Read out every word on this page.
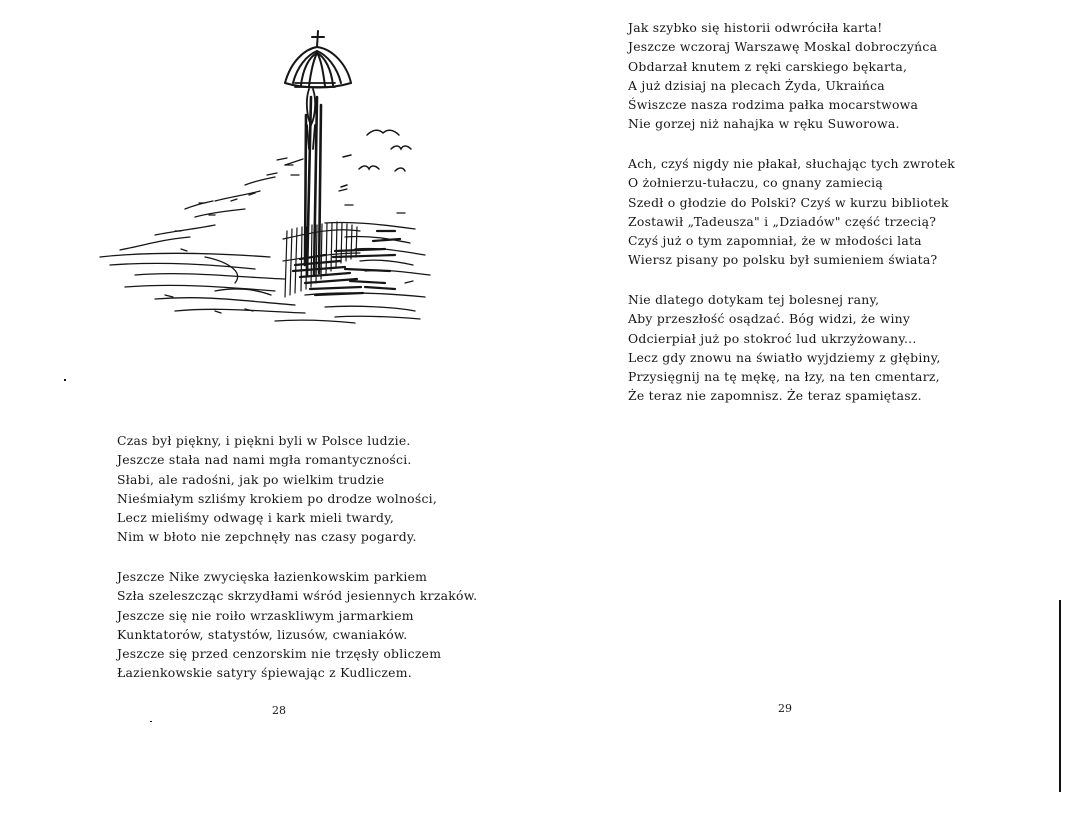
Czas był piękny, i piękni byli w Polsce ludzie.
Jeszcze stała nad nami mgła romantyczności.
Słabi, ale radośni, jak po wielkim trudzie
Nieśmiałym szliśmy krokiem po drodze wolności,
Lecz mieliśmy odwagę i kark mieli twardy,
Nim w błoto nie zepchnęły nas czasy pogardy.
Jeszcze Nike zwycięska łazienkowskim parkiem
Szła szeleszcząc skrzydłami wśród jesiennych krzaków.
Jeszcze się nie roiło wrzaskliwym jarmarkiem
Kunktatorów, statystów, lizusów, cwaniaków.
Jeszcze się przed cenzorskim nie trzęsły obliczem
Łazienkowskie satyry śpiewając z Kudliczem.
28
Jak szybko się historii odwróciła karta!
Jeszcze wczoraj Warszawę Moskal dobroczyńca
Obdarzał knutem z ręki carskiego bękarta,
A już dzisiaj na plecach Żyda, Ukraińca
Świszcze nasza rodzima pałka mocarstwowa
Nie gorzej niż nahajka w ręku Suworowa.
Ach, czyś nigdy nie płakał, słuchając tych zwrotek
O żołnierzu-tułaczu, co gnany zamiecią
Szedł o głodzie do Polski? Czyś w kurzu bibliotek
Zostawił „Tadeusza" i „Dziadów" część trzecią?
Czyś już o tym zapomniał, że w młodości lata
Wiersz pisany po polsku był sumieniem świata?
Nie dlatego dotykam tej bolesnej rany,
Aby przeszłość osądzać. Bóg widzi, że winy
Odcierpiał już po stokroć lud ukrzyżowany...
Lecz gdy znowu na światło wyjdziemy z głębiny,
Przysięgnij na tę mękę, na łzy, na ten cmentarz,
Że teraz nie zapomnisz. Że teraz spamiętasz.
29
